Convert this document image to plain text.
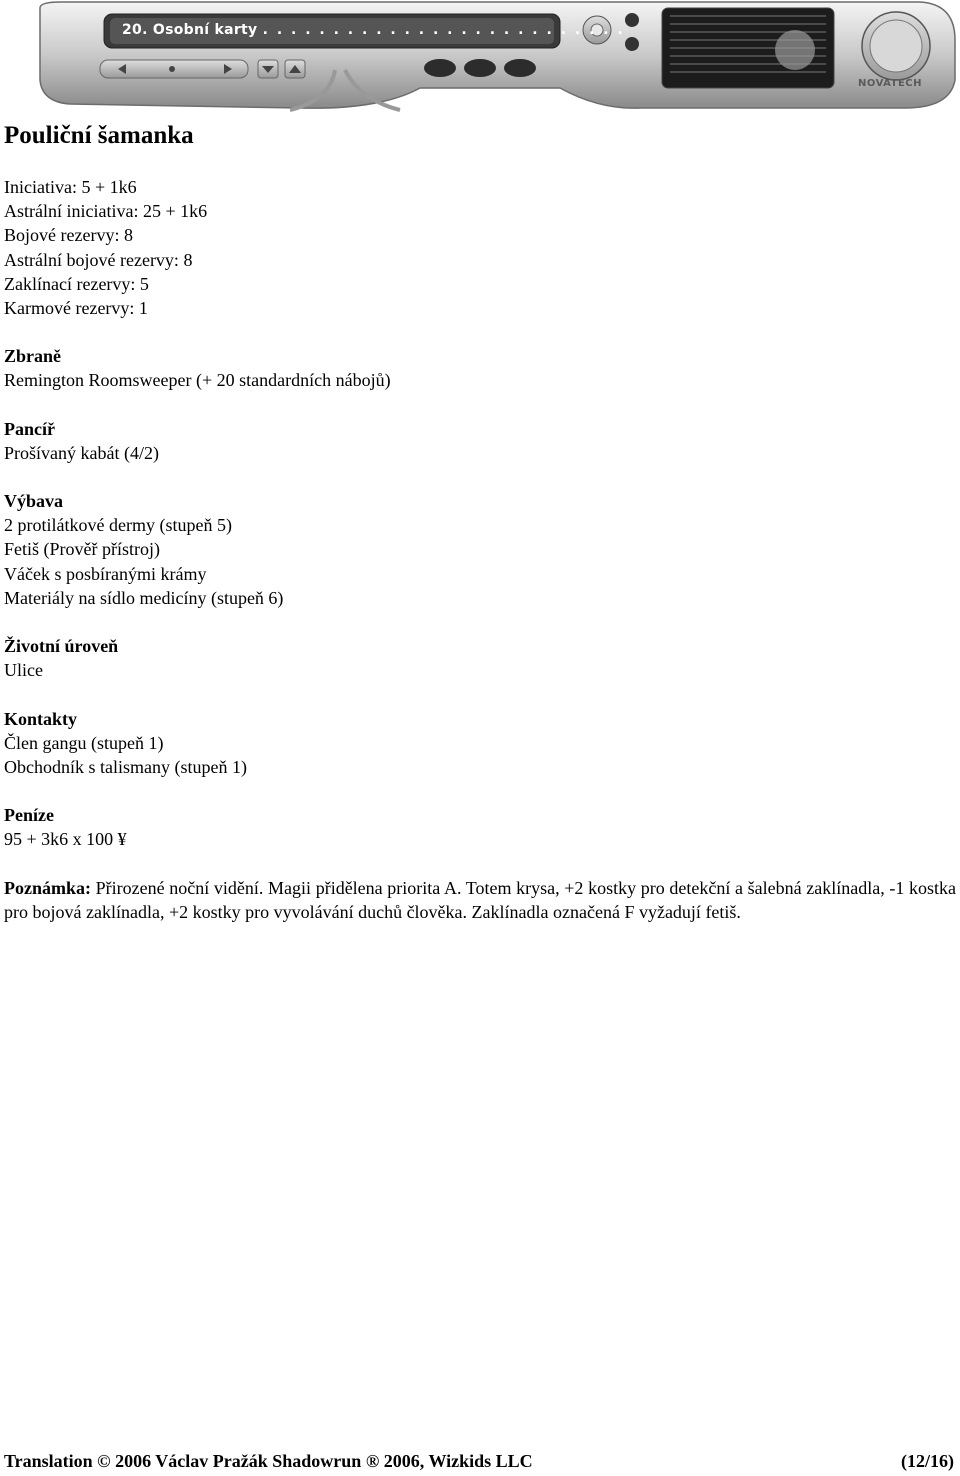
20. Osobní karty . . . . . . . . . . . . . . . . . . . . . . . . . .
NOVATECH
Pouliční šamanka
Iniciativa: 5 + 1k6
Astrální iniciativa: 25 + 1k6
Bojové rezervy: 8
Astrální bojové rezervy: 8
Zaklínací rezervy: 5
Karmové rezervy: 1
Zbraně
Remington Roomsweeper (+ 20 standardních nábojů)
Pancíř
Prošívaný kabát (4/2)
Výbava
2 protilátkové dermy (stupeň 5)
Fetiš (Prověř přístroj)
Váček s posbíranými krámy
Materiály na sídlo medicíny (stupeň 6)
Životní úroveň
Ulice
Kontakty
Člen gangu (stupeň 1)
Obchodník s talismany (stupeň 1)
Peníze
95 + 3k6 x 100 ¥
Poznámka: Přirozené noční vidění. Magii přidělena priorita A. Totem krysa, +2 kostky pro detekční a šalebná zaklínadla, -1 kostka pro bojová zaklínadla, +2 kostky pro vyvolávání duchů člověka. Zaklínadla označená F vyžadují fetiš.
Translation © 2006 Václav Pražák Shadowrun ® 2006, Wizkids LLC	(12/16)
